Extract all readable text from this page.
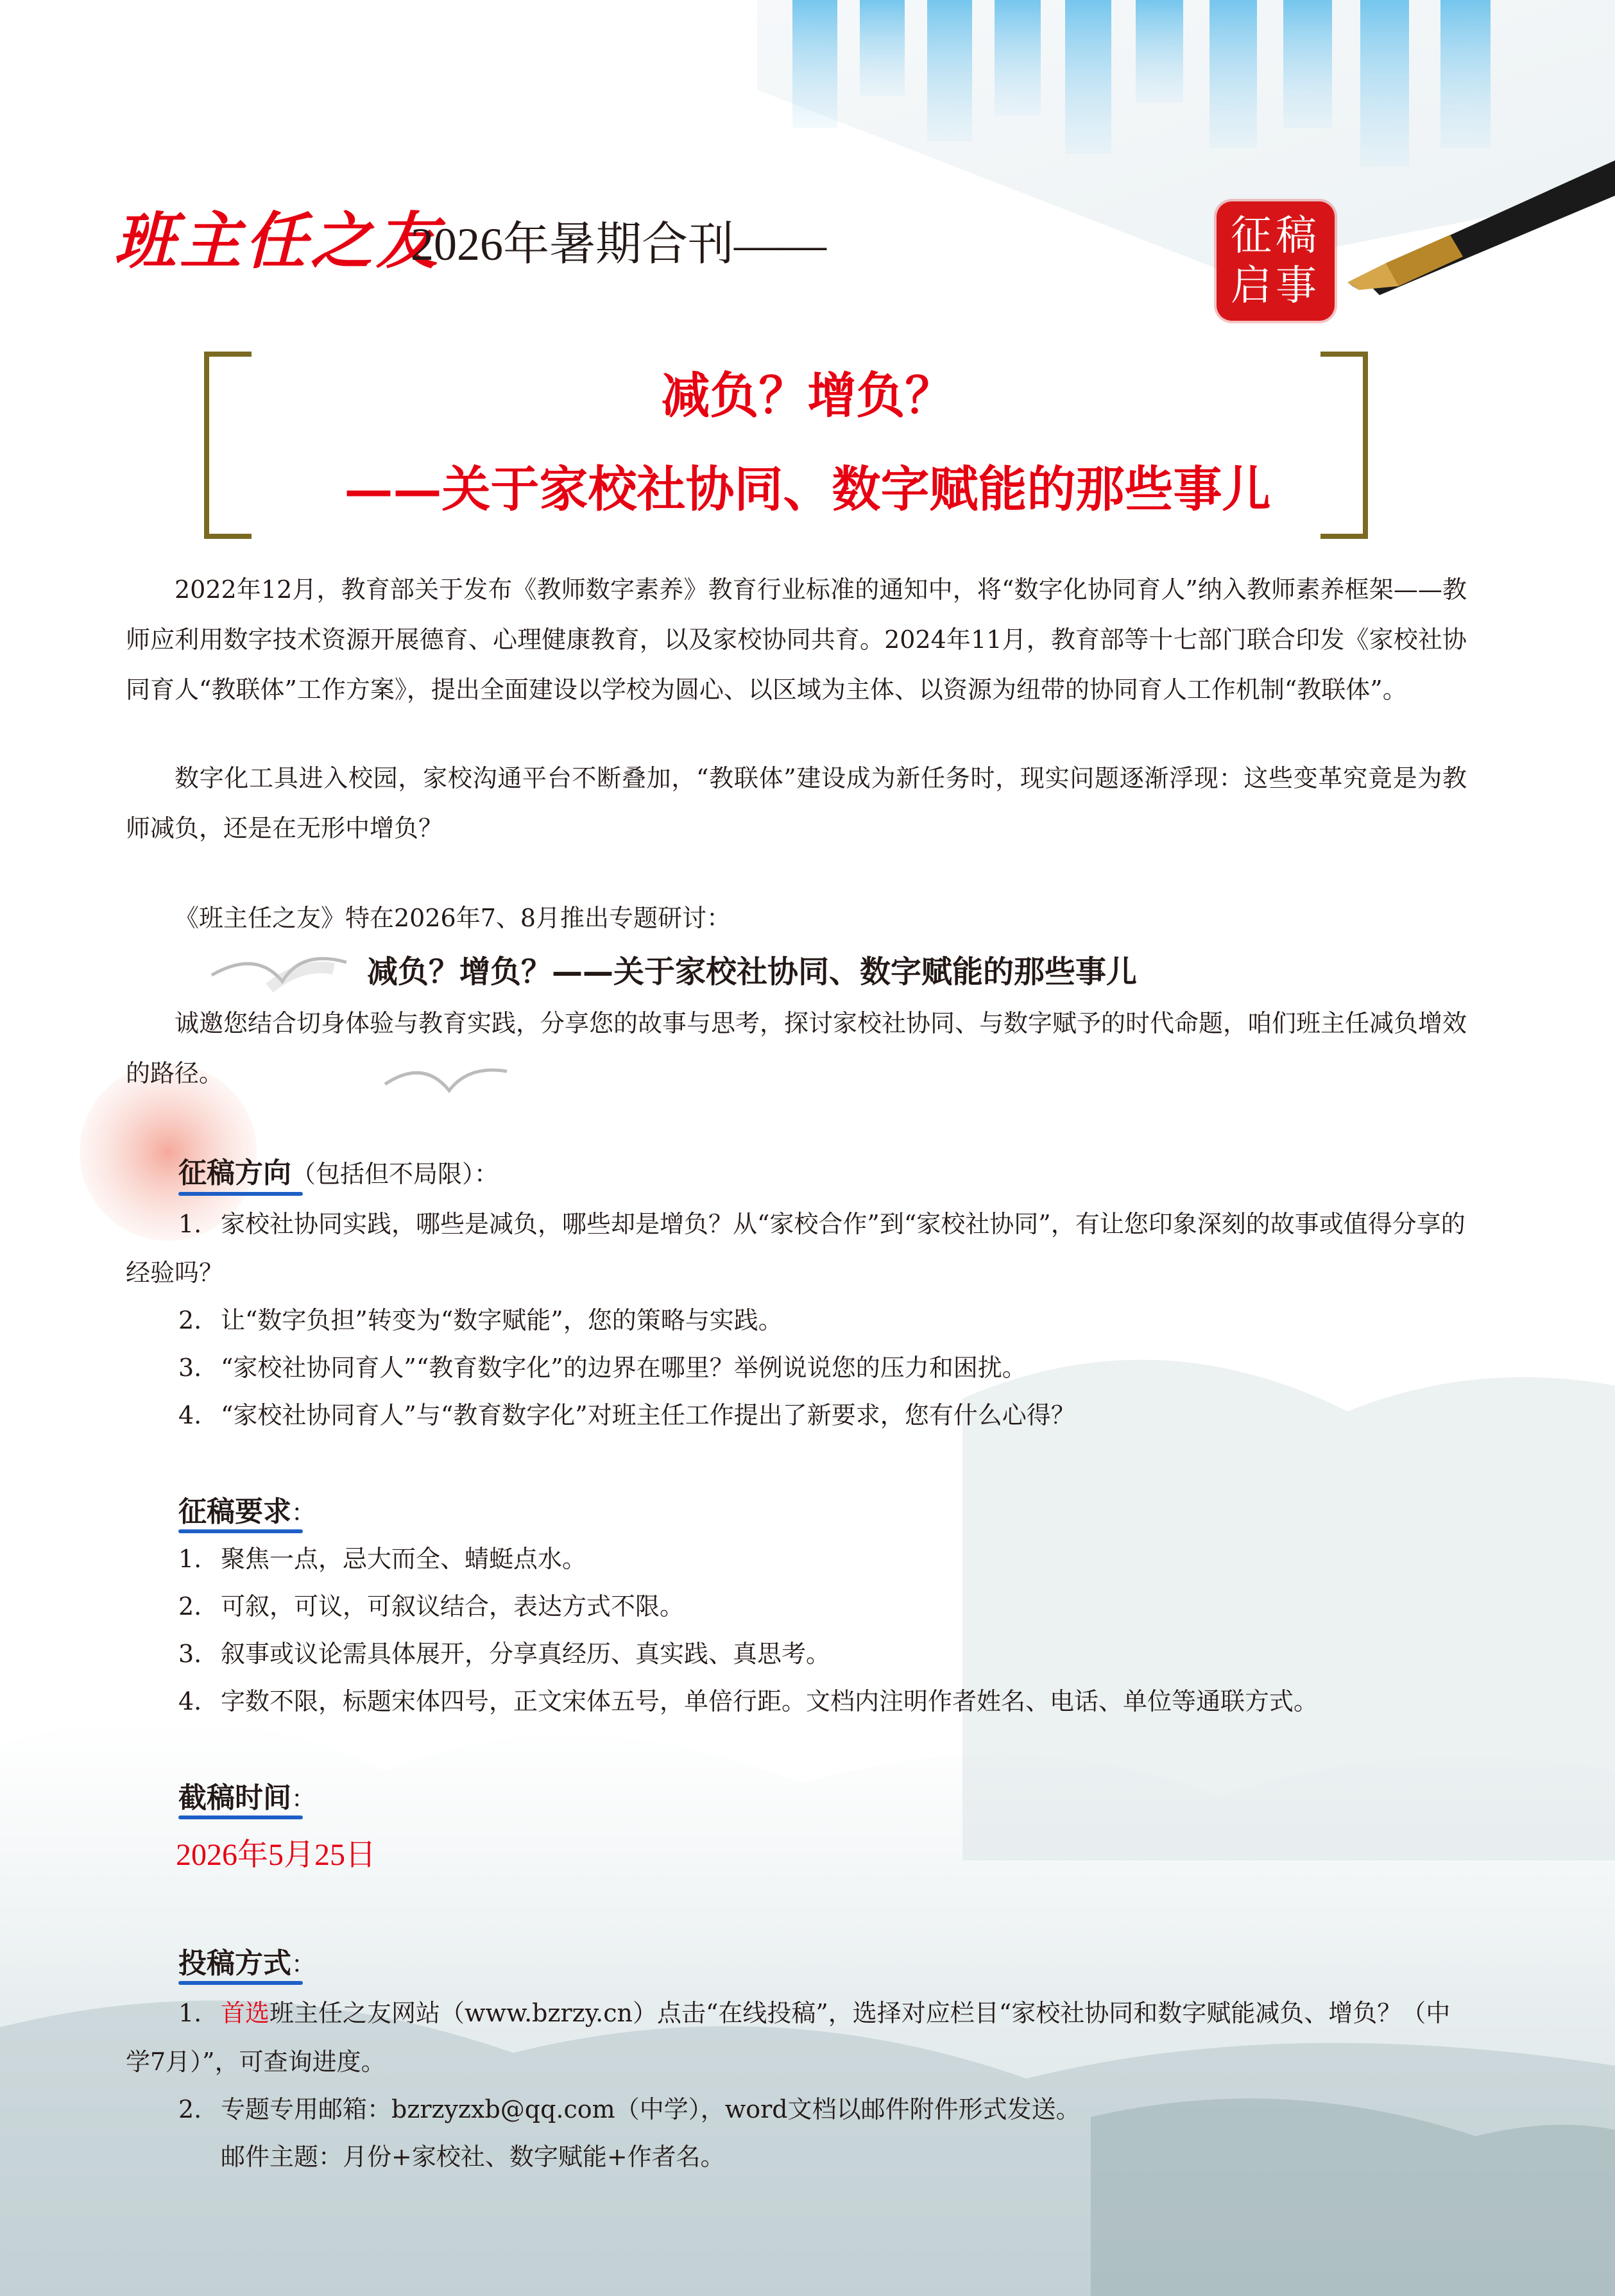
班主任之友
2026年暑期合刊——	征稿
启事
减负？增负？
——关于家校社协同、数字赋能的那些事儿
2022年12月，教育部关于发布《教师数字素养》教育行业标准的通知中，将“数字化协同育人”纳入教师素养框架——教师应利用数字技术资源开展德育、心理健康教育，以及家校协同共育。2024年11月，教育部等十七部门联合印发《家校社协同育人“教联体”工作方案》，提出全面建设以学校为圆心、以区域为主体、以资源为纽带的协同育人工作机制“教联体”。
数字化工具进入校园，家校沟通平台不断叠加，“教联体”建设成为新任务时，现实问题逐渐浮现：这些变革究竟是为教师减负，还是在无形中增负？
《班主任之友》特在2026年7、8月推出专题研讨：
减负？增负？——关于家校社协同、数字赋能的那些事儿
诚邀您结合切身体验与教育实践，分享您的故事与思考，探讨家校社协同、与数字赋予的时代命题，咱们班主任减负增效的路径。
征稿方向（包括但不局限）：
1. 家校社协同实践，哪些是减负，哪些却是增负？从“家校合作”到“家校社协同”，有让您印象深刻的故事或值得分享的经验吗？
2. 让“数字负担”转变为“数字赋能”，您的策略与实践。
3. “家校社协同育人”“教育数字化”的边界在哪里？举例说说您的压力和困扰。
4. “家校社协同育人”与“教育数字化”对班主任工作提出了新要求，您有什么心得？
征稿要求：
1. 聚焦一点，忌大而全、蜻蜓点水。
2. 可叙，可议，可叙议结合，表达方式不限。
3. 叙事或议论需具体展开，分享真经历、真实践、真思考。
4. 字数不限，标题宋体四号，正文宋体五号，单倍行距。文档内注明作者姓名、电话、单位等通联方式。
截稿时间：
2026年5月25日
投稿方式：
1. 首选班主任之友网站（www.bzrzy.cn）点击“在线投稿”，选择对应栏目“家校社协同和数字赋能减负、增负？（中学7月）”，可查询进度。
2. 专题专用邮箱：bzrzyzxb@qq.com（中学），word文档以邮件附件形式发送。
邮件主题：月份+家校社、数字赋能+作者名。
